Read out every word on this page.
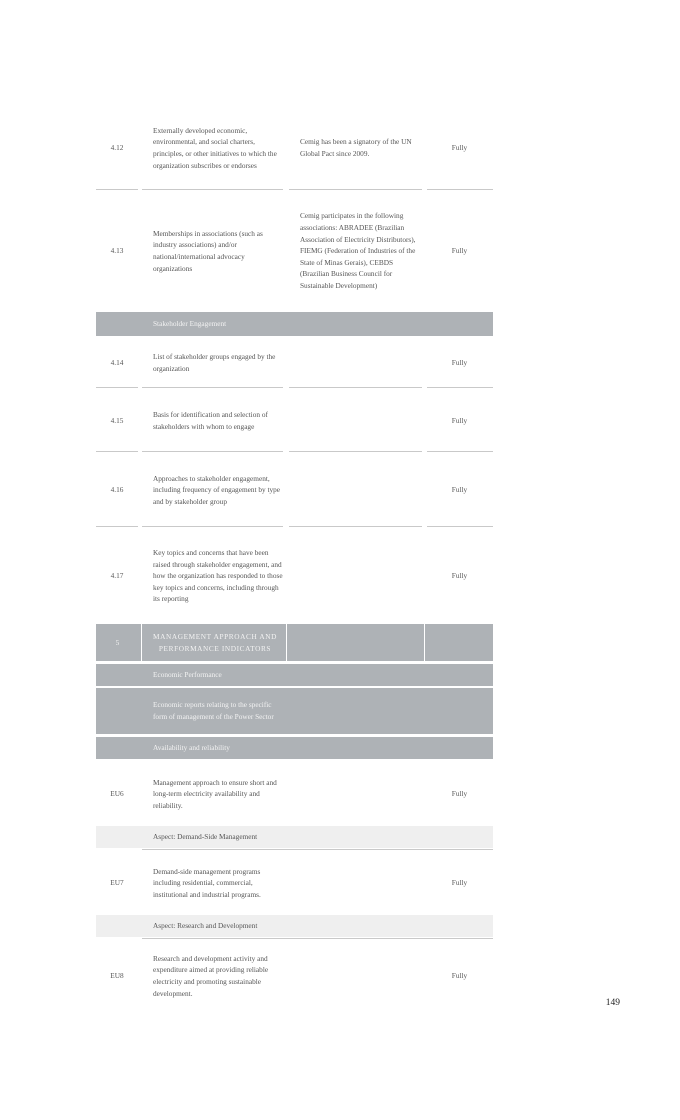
4.12
Externally developed economic, environmental, and social charters, principles, or other initiatives to which the organization subscribes or endorses
Cemig has been a signatory of the UN Global Pact since 2009.
Fully
4.13
Memberships in associations (such as industry associations) and/or national/international advocacy organizations
Cemig participates in the following associations: ABRADEE (Brazilian Association of Electricity Distributors), FIEMG (Federation of Industries of the State of Minas Gerais), CEBDS (Brazilian Business Council for Sustainable Development)
Fully
Stakeholder Engagement
4.14
List of stakeholder groups engaged by the organization
Fully
4.15
Basis for identification and selection of stakeholders with whom to engage
Fully
4.16
Approaches to stakeholder engagement, including frequency of engagement by type and by stakeholder group
Fully
4.17
Key topics and concerns that have been raised through stakeholder engagement, and how the organization has responded to those key topics and concerns, including through its reporting
Fully
5
MANAGEMENT APPROACH AND PERFORMANCE INDICATORS
Economic Performance
Economic reports relating to the specific form of management of the Power Sector
Availability and reliability
EU6
Management approach to ensure short and long-term electricity availability and reliability.
Fully
Aspect: Demand-Side Management
EU7
Demand-side management programs including residential, commercial, institutional and industrial programs.
Fully
Aspect: Research and Development
EU8
Research and development activity and expenditure aimed at providing reliable electricity and promoting sustainable development.
Fully
149
